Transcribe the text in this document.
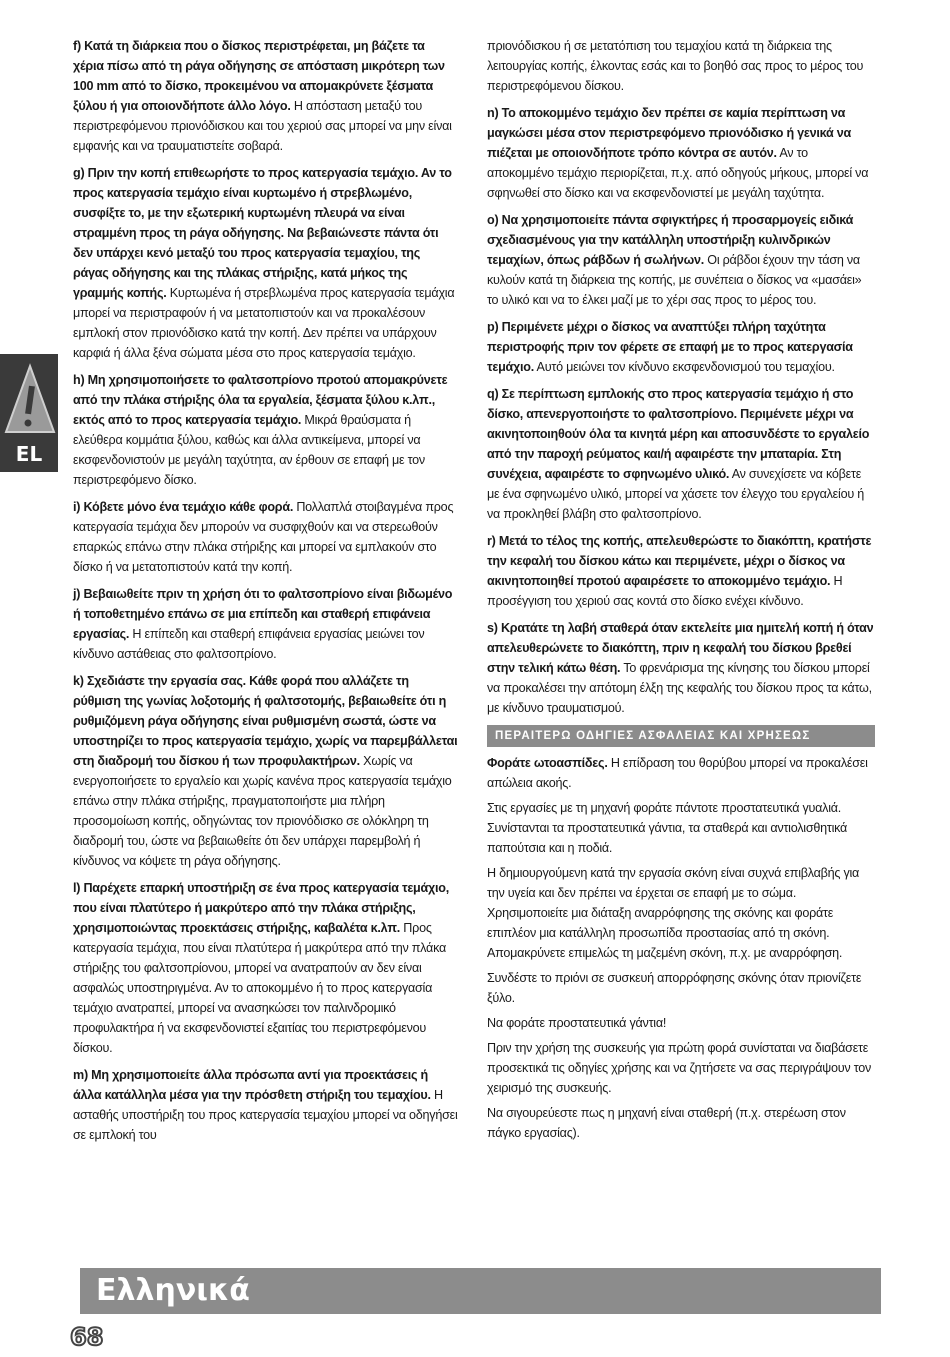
EL

f) Κατά τη διάρκεια που ο δίσκος περιστρέφεται, μη βάζετε τα χέρια πίσω από τη ράγα οδήγησης σε απόσταση μικρότερη των 100 mm από το δίσκο, προκειμένου να απομακρύνετε ξέσματα ξύλου ή για οποιονδήποτε άλλο λόγο. Η απόσταση μεταξύ του περιστρεφόμενου πριονόδισκου και του χεριού σας μπορεί να μην είναι εμφανής και να τραυματιστείτε σοβαρά.

g) Πριν την κοπή επιθεωρήστε το προς κατεργασία τεμάχιο. Αν το προς κατεργασία τεμάχιο είναι κυρτωμένο ή στρεβλωμένο, συσφίξτε το, με την εξωτερική κυρτωμένη πλευρά να είναι στραμμένη προς τη ράγα οδήγησης. Να βεβαιώνεστε πάντα ότι δεν υπάρχει κενό μεταξύ του προς κατεργασία τεμαχίου, της ράγας οδήγησης και της πλάκας στήριξης, κατά μήκος της γραμμής κοπής. Κυρτωμένα ή στρεβλωμένα προς κατεργασία τεμάχια μπορεί να περιστραφούν ή να μετατοπιστούν και να προκαλέσουν εμπλοκή στον πριονόδισκο κατά την κοπή. Δεν πρέπει να υπάρχουν καρφιά ή άλλα ξένα σώματα μέσα στο προς κατεργασία τεμάχιο.

h) Μη χρησιμοποιήσετε το φαλτσοπρίονο προτού απομακρύνετε από την πλάκα στήριξης όλα τα εργαλεία, ξέσματα ξύλου κ.λπ., εκτός από το προς κατεργασία τεμάχιο. Μικρά θραύσματα ή ελεύθερα κομμάτια ξύλου, καθώς και άλλα αντικείμενα, μπορεί να εκσφενδονιστούν με μεγάλη ταχύτητα, αν έρθουν σε επαφή με τον περιστρεφόμενο δίσκο.

i) Κόβετε μόνο ένα τεμάχιο κάθε φορά. Πολλαπλά στοιβαγμένα προς κατεργασία τεμάχια δεν μπορούν να συσφιχθούν και να στερεωθούν επαρκώς επάνω στην πλάκα στήριξης και μπορεί να εμπλακούν στο δίσκο ή να μετατοπιστούν κατά την κοπή.

j) Βεβαιωθείτε πριν τη χρήση ότι το φαλτσοπρίονο είναι βιδωμένο ή τοποθετημένο επάνω σε μια επίπεδη και σταθερή επιφάνεια εργασίας. Η επίπεδη και σταθερή επιφάνεια εργασίας μειώνει τον κίνδυνο αστάθειας στο φαλτσοπρίονο.

k) Σχεδιάστε την εργασία σας. Κάθε φορά που αλλάζετε τη ρύθμιση της γωνίας λοξοτομής ή φαλτσοτομής, βεβαιωθείτε ότι η ρυθμιζόμενη ράγα οδήγησης είναι ρυθμισμένη σωστά, ώστε να υποστηρίζει το προς κατεργασία τεμάχιο, χωρίς να παρεμβάλλεται στη διαδρομή του δίσκου ή των προφυλακτήρων. Χωρίς να ενεργοποιήσετε το εργαλείο και χωρίς κανένα προς κατεργασία τεμάχιο επάνω στην πλάκα στήριξης, πραγματοποιήστε μια πλήρη προσομοίωση κοπής, οδηγώντας τον πριονόδισκο σε ολόκληρη τη διαδρομή του, ώστε να βεβαιωθείτε ότι δεν υπάρχει παρεμβολή ή κίνδυνος να κόψετε τη ράγα οδήγησης.

l) Παρέχετε επαρκή υποστήριξη σε ένα προς κατεργασία τεμάχιο, που είναι πλατύτερο ή μακρύτερο από την πλάκα στήριξης, χρησιμοποιώντας προεκτάσεις στήριξης, καβαλέτα κ.λπ. Προς κατεργασία τεμάχια, που είναι πλατύτερα ή μακρύτερα από την πλάκα στήριξης του φαλτσοπρίονου, μπορεί να ανατραπούν αν δεν είναι ασφαλώς υποστηριγμένα. Αν το αποκομμένο ή το προς κατεργασία τεμάχιο ανατραπεί, μπορεί να ανασηκώσει τον παλινδρομικό προφυλακτήρα ή να εκσφενδονιστεί εξαιτίας του περιστρεφόμενου δίσκου.

m) Μη χρησιμοποιείτε άλλα πρόσωπα αντί για προεκτάσεις ή άλλα κατάλληλα μέσα για την πρόσθετη στήριξη του τεμαχίου. Η ασταθής υποστήριξη του προς κατεργασία τεμαχίου μπορεί να οδηγήσει σε εμπλοκή του

πριονόδισκου ή σε μετατόπιση του τεμαχίου κατά τη διάρκεια της λειτουργίας κοπής, έλκοντας εσάς και το βοηθό σας προς το μέρος του περιστρεφόμενου δίσκου.

n) Το αποκομμένο τεμάχιο δεν πρέπει σε καμία περίπτωση να μαγκώσει μέσα στον περιστρεφόμενο πριονόδισκο ή γενικά να πιέζεται με οποιονδήποτε τρόπο κόντρα σε αυτόν. Αν το αποκομμένο τεμάχιο περιορίζεται, π.χ. από οδηγούς μήκους, μπορεί να σφηνωθεί στο δίσκο και να εκσφενδονιστεί με μεγάλη ταχύτητα.

o) Να χρησιμοποιείτε πάντα σφιγκτήρες ή προσαρμογείς ειδικά σχεδιασμένους για την κατάλληλη υποστήριξη κυλινδρικών τεμαχίων, όπως ράβδων ή σωλήνων. Οι ράβδοι έχουν την τάση να κυλούν κατά τη διάρκεια της κοπής, με συνέπεια ο δίσκος να «μασάει» το υλικό και να το έλκει μαζί με το χέρι σας προς το μέρος του.

p) Περιμένετε μέχρι ο δίσκος να αναπτύξει πλήρη ταχύτητα περιστροφής πριν τον φέρετε σε επαφή με το προς κατεργασία τεμάχιο. Αυτό μειώνει τον κίνδυνο εκσφενδονισμού του τεμαχίου.

q) Σε περίπτωση εμπλοκής στο προς κατεργασία τεμάχιο ή στο δίσκο, απενεργοποιήστε το φαλτσοπρίονο. Περιμένετε μέχρι να ακινητοποιηθούν όλα τα κινητά μέρη και αποσυνδέστε το εργαλείο από την παροχή ρεύματος και/ή αφαιρέστε την μπαταρία. Στη συνέχεια, αφαιρέστε το σφηνωμένο υλικό. Αν συνεχίσετε να κόβετε με ένα σφηνωμένο υλικό, μπορεί να χάσετε τον έλεγχο του εργαλείου ή να προκληθεί βλάβη στο φαλτσοπρίονο.

r) Μετά το τέλος της κοπής, απελευθερώστε το διακόπτη, κρατήστε την κεφαλή του δίσκου κάτω και περιμένετε, μέχρι ο δίσκος να ακινητοποιηθεί προτού αφαιρέσετε το αποκομμένο τεμάχιο. Η προσέγγιση του χεριού σας κοντά στο δίσκο ενέχει κίνδυνο.

s) Κρατάτε τη λαβή σταθερά όταν εκτελείτε μια ημιτελή κοπή ή όταν απελευθερώνετε το διακόπτη, πριν η κεφαλή του δίσκου βρεθεί στην τελική κάτω θέση. Το φρενάρισμα της κίνησης του δίσκου μπορεί να προκαλέσει την απότομη έλξη της κεφαλής του δίσκου προς τα κάτω, με κίνδυνο τραυματισμού.

ΠΕΡΑΙΤΕΡΩ ΟΔΗΓΙΕΣ ΑΣΦΑΛΕΙΑΣ ΚΑΙ ΧΡΗΣΕΩΣ

Φοράτε ωτοασπίδες. Η επίδραση του θορύβου μπορεί να προκαλέσει απώλεια ακοής.

Στις εργασίες με τη μηχανή φοράτε πάντοτε προστατευτικά γυαλιά. Συνίστανται τα προστατευτικά γάντια, τα σταθερά και αντιολισθητικά παπούτσια και η ποδιά.

Η δημιουργούμενη κατά την εργασία σκόνη είναι συχνά επιβλαβής για την υγεία και δεν πρέπει να έρχεται σε επαφή με το σώμα. Χρησιμοποιείτε μια διάταξη αναρρόφησης της σκόνης και φοράτε επιπλέον μια κατάλληλη προσωπίδα προστασίας από τη σκόνη. Απομακρύνετε επιμελώς τη μαζεμένη σκόνη, π.χ. με αναρρόφηση.

Συνδέστε το πριόνι σε συσκευή απορρόφησης σκόνης όταν πριονίζετε ξύλο.

Να φοράτε προστατευτικά γάντια!

Πριν την χρήση της συσκευής για πρώτη φορά συνίσταται να διαβάσετε προσεκτικά τις οδηγίες χρήσης και να ζητήσετε να σας περιγράψουν τον χειρισμό της συσκευής.

Να σιγουρεύεστε πως η μηχανή είναι σταθερή (π.χ. στερέωση στον πάγκο εργασίας).

Ελληνικά
68
